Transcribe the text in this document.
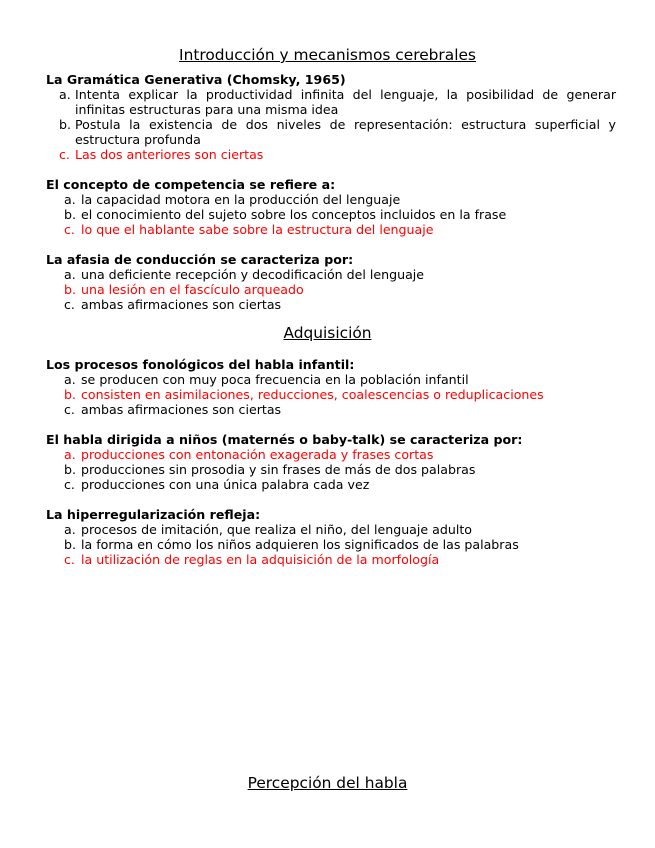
Introducción y mecanismos cerebrales
La Gramática Generativa (Chomsky, 1965)
a. Intenta explicar la productividad infinita del lenguaje, la posibilidad de generar infinitas estructuras para una misma idea
b. Postula la existencia de dos niveles de representación: estructura superficial y estructura profunda
c. Las dos anteriores son ciertas
El concepto de competencia se refiere a:
a. la capacidad motora en la producción del lenguaje
b. el conocimiento del sujeto sobre los conceptos incluidos en la frase
c. lo que el hablante sabe sobre la estructura del lenguaje
La afasia de conducción se caracteriza por:
a. una deficiente recepción y decodificación del lenguaje
b. una lesión en el fascículo arqueado
c. ambas afirmaciones son ciertas
Adquisición
Los procesos fonológicos del habla infantil:
a. se producen con muy poca frecuencia en la población infantil
b. consisten en asimilaciones, reducciones, coalescencias o reduplicaciones
c. ambas afirmaciones son ciertas
El habla dirigida a niños (maternés o baby-talk) se caracteriza por:
a. producciones con entonación exagerada y frases cortas
b. producciones sin prosodia y sin frases de más de dos palabras
c. producciones con una única palabra cada vez
La hiperregularización refleja:
a. procesos de imitación, que realiza el niño, del lenguaje adulto
b. la forma en cómo los niños adquieren los significados de las palabras
c. la utilización de reglas en la adquisición de la morfología
Percepción del habla
